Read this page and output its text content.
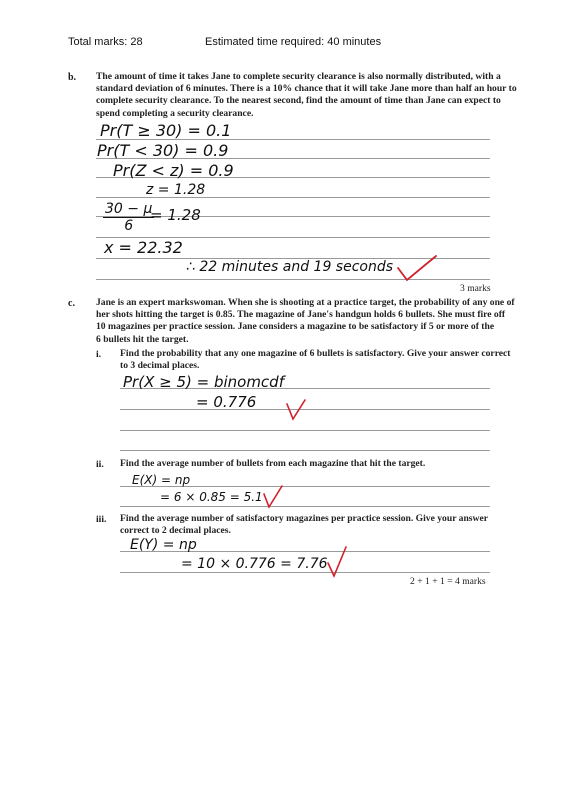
Total marks: 28	Estimated time required: 40 minutes
b. The amount of time it takes Jane to complete security clearance is also normally distributed, with a
standard deviation of 6 minutes. There is a 10% chance that it will take Jane more than half an hour to
complete security clearance. To the nearest second, find the amount of time than Jane can expect to
spend completing a security clearance.
Pr(T ≥ 30) = 0.1
Pr(T < 30) = 0.9
Pr(Z < z) = 0.9
z = 1.28
$\frac{30 - \mu}{6}$
= 1.28
x = 22.32
∴ 22 minutes and 19 seconds
3 marks
c. Jane is an expert markswoman. When she is shooting at a practice target, the probability of any one of
her shots hitting the target is 0.85. The magazine of Jane's handgun holds 6 bullets. She must fire off
10 magazines per practice session. Jane considers a magazine to be satisfactory if 5 or more of the
6 bullets hit the target.
i. Find the probability that any one magazine of 6 bullets is satisfactory. Give your answer correct
to 3 decimal places.
Pr(X ≥ 5) = binomcdf
= 0.776
ii. Find the average number of bullets from each magazine that hit the target.
E(X) = np
= 6 × 0.85 = 5.1
iii. Find the average number of satisfactory magazines per practice session. Give your answer
correct to 2 decimal places.
E(Y) = np
= 10 × 0.776 = 7.76
2 + 1 + 1 = 4 marks
